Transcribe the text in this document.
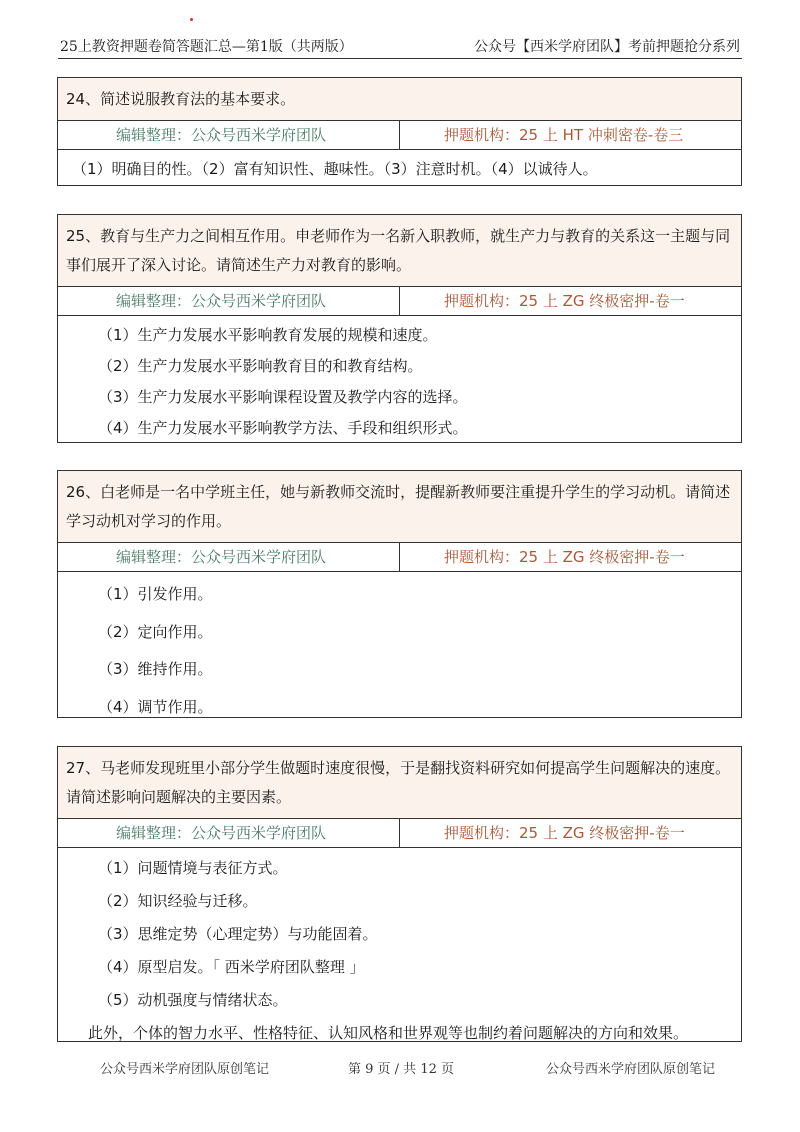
25上教资押题卷简答题汇总—第1版（共两版）	公众号【西米学府团队】考前押题抢分系列
24、简述说服教育法的基本要求。
编辑整理：公众号西米学府团队	押题机构：25 上 HT 冲刺密卷-卷三
（1）明确目的性。（2）富有知识性、趣味性。（3）注意时机。（4）以诚待人。
25、教育与生产力之间相互作用。申老师作为一名新入职教师，就生产力与教育的关系这一主题与同事们展开了深入讨论。请简述生产力对教育的影响。
编辑整理：公众号西米学府团队	押题机构：25 上 ZG 终极密押-卷一
（1）生产力发展水平影响教育发展的规模和速度。
（2）生产力发展水平影响教育目的和教育结构。
（3）生产力发展水平影响课程设置及教学内容的选择。
（4）生产力发展水平影响教学方法、手段和组织形式。
26、白老师是一名中学班主任，她与新教师交流时，提醒新教师要注重提升学生的学习动机。请简述学习动机对学习的作用。
编辑整理：公众号西米学府团队	押题机构：25 上 ZG 终极密押-卷一
（1）引发作用。
（2）定向作用。
（3）维持作用。
（4）调节作用。
27、马老师发现班里小部分学生做题时速度很慢，于是翻找资料研究如何提高学生问题解决的速度。请简述影响问题解决的主要因素。
编辑整理：公众号西米学府团队	押题机构：25 上 ZG 终极密押-卷一
（1）问题情境与表征方式。
（2）知识经验与迁移。
（3）思维定势（心理定势）与功能固着。
（4）原型启发。「 西米学府团队整理 」
（5）动机强度与情绪状态。
此外，个体的智力水平、性格特征、认知风格和世界观等也制约着问题解决的方向和效果。
公众号西米学府团队原创笔记	第 9 页 / 共 12 页	公众号西米学府团队原创笔记
